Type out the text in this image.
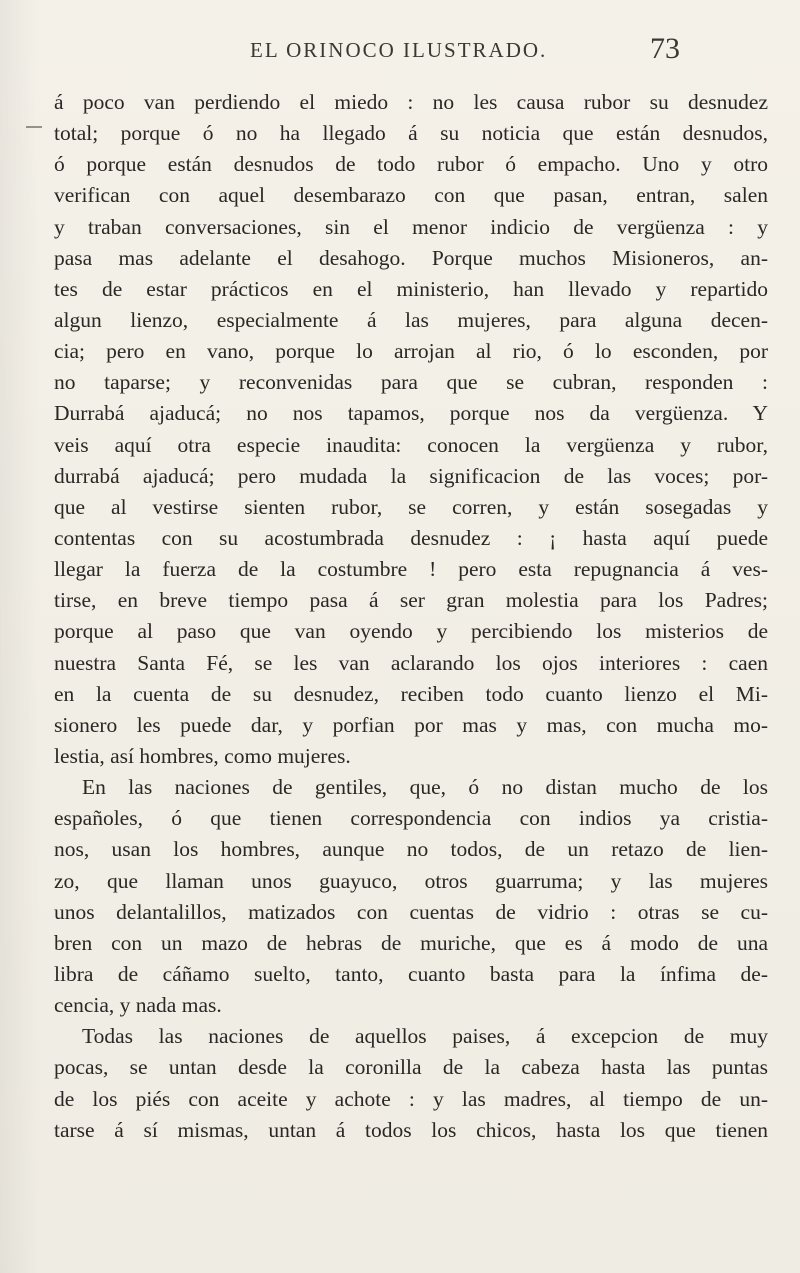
EL ORINOCO ILUSTRADO.	73
á poco van perdiendo el miedo : no les causa rubor su desnudez
total; porque ó no ha llegado á su noticia que están desnudos,
ó porque están desnudos de todo rubor ó empacho. Uno y otro
verifican con aquel desembarazo con que pasan, entran, salen
y traban conversaciones, sin el menor indicio de vergüenza : y
pasa mas adelante el desahogo. Porque muchos Misioneros, an-
tes de estar prácticos en el ministerio, han llevado y repartido
algun lienzo, especialmente á las mujeres, para alguna decen-
cia; pero en vano, porque lo arrojan al rio, ó lo esconden, por
no taparse; y reconvenidas para que se cubran, responden :
Durrabá ajaducá; no nos tapamos, porque nos da vergüenza. Y
veis aquí otra especie inaudita: conocen la vergüenza y rubor,
durrabá ajaducá; pero mudada la significacion de las voces; por-
que al vestirse sienten rubor, se corren, y están sosegadas y
contentas con su acostumbrada desnudez : ¡ hasta aquí puede
llegar la fuerza de la costumbre ! pero esta repugnancia á ves-
tirse, en breve tiempo pasa á ser gran molestia para los Padres;
porque al paso que van oyendo y percibiendo los misterios de
nuestra Santa Fé, se les van aclarando los ojos interiores : caen
en la cuenta de su desnudez, reciben todo cuanto lienzo el Mi-
sionero les puede dar, y porfian por mas y mas, con mucha mo-
lestia, así hombres, como mujeres.
En las naciones de gentiles, que, ó no distan mucho de los
españoles, ó que tienen correspondencia con indios ya cristia-
nos, usan los hombres, aunque no todos, de un retazo de lien-
zo, que llaman unos guayuco, otros guarruma; y las mujeres
unos delantalillos, matizados con cuentas de vidrio : otras se cu-
bren con un mazo de hebras de muriche, que es á modo de una
libra de cáñamo suelto, tanto, cuanto basta para la ínfima de-
cencia, y nada mas.
Todas las naciones de aquellos paises, á excepcion de muy
pocas, se untan desde la coronilla de la cabeza hasta las puntas
de los piés con aceite y achote : y las madres, al tiempo de un-
tarse á sí mismas, untan á todos los chicos, hasta los que tienen
